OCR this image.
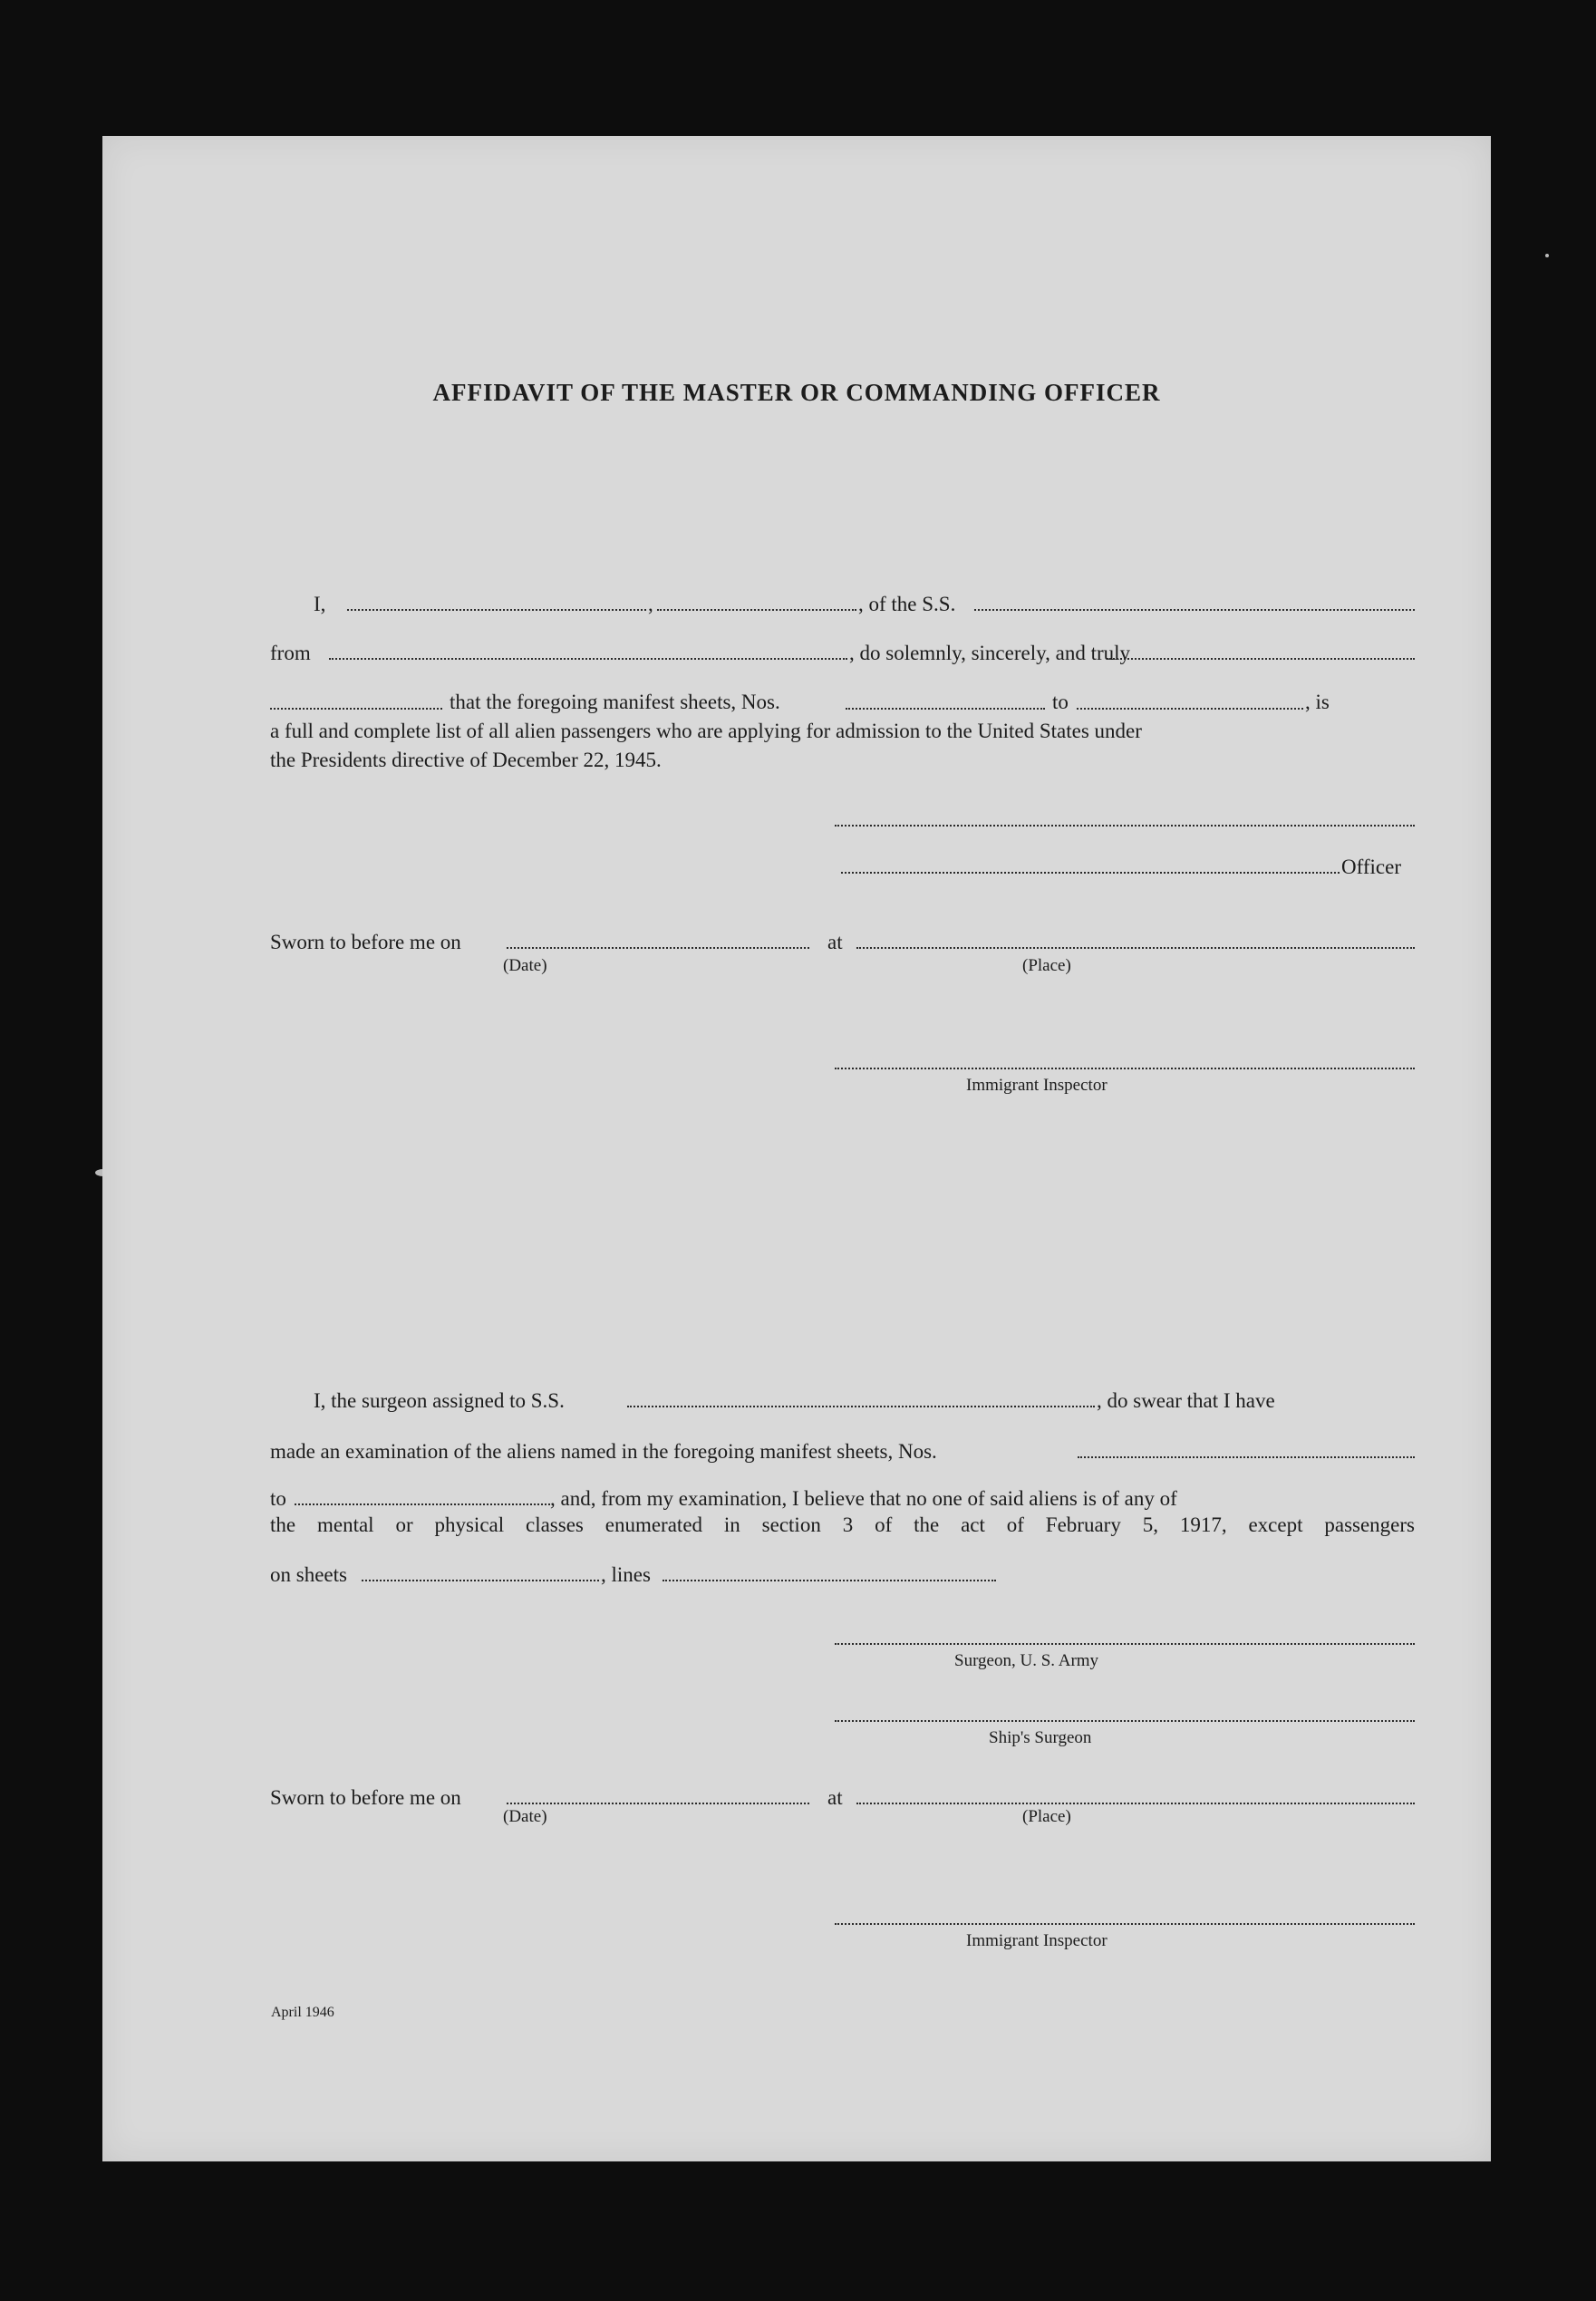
AFFIDAVIT OF THE MASTER OR COMMANDING OFFICER
I,	,	, of the S.S.
from	, do solemnly, sincerely, and truly
that the foregoing manifest sheets, Nos.	to	, is
a full and complete list of all alien passengers who are applying for admission to the United States under
the Presidents directive of December 22, 1945.
Officer
Sworn to before me on	at
(Date)	(Place)
Immigrant Inspector
I, the surgeon assigned to S.S.	, do swear that I have
made an examination of the aliens named in the foregoing manifest sheets, Nos.
to	, and, from my examination, I believe that no one of said aliens is of any of
the mental or physical classes enumerated in section 3 of the act of February 5, 1917, except passengers
on sheets	, lines
Surgeon, U. S. Army
Ship's Surgeon
Sworn to before me on	at
(Date)	(Place)
Immigrant Inspector
April 1946
